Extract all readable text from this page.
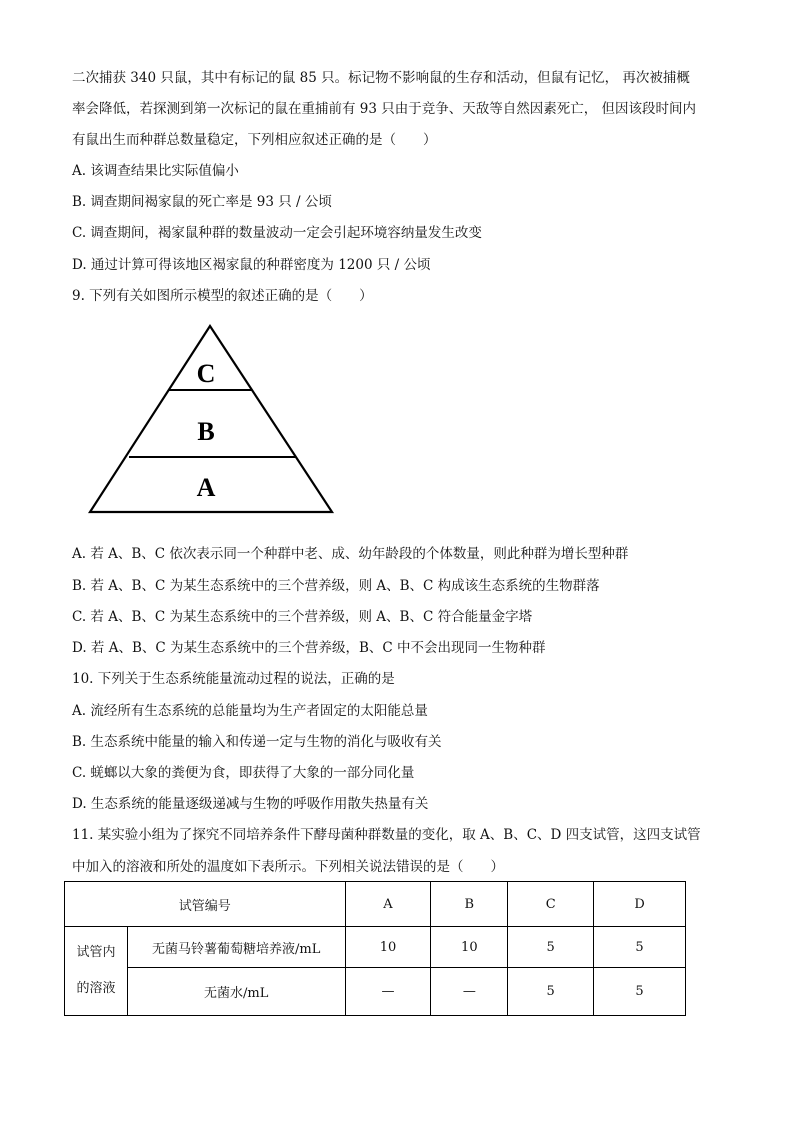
二次捕获 340 只鼠，其中有标记的鼠 85 只。标记物不影响鼠的生存和活动，但鼠有记忆， 再次被捕概
率会降低，若探测到第一次标记的鼠在重捕前有 93 只由于竞争、天敌等自然因素死亡， 但因该段时间内
有鼠出生而种群总数量稳定，下列相应叙述正确的是（　　）
A. 该调查结果比实际值偏小
B. 调查期间褐家鼠的死亡率是 93 只 / 公顷
C. 调查期间，褐家鼠种群的数量波动一定会引起环境容纳量发生改变
D. 通过计算可得该地区褐家鼠的种群密度为 1200 只 / 公顷
9. 下列有关如图所示模型的叙述正确的是（　　）
C
B
A
A. 若 A、B、C 依次表示同一个种群中老、成、幼年龄段的个体数量，则此种群为增长型种群
B. 若 A、B、C 为某生态系统中的三个营养级，则 A、B、C 构成该生态系统的生物群落
C. 若 A、B、C 为某生态系统中的三个营养级，则 A、B、C 符合能量金字塔
D. 若 A、B、C 为某生态系统中的三个营养级，B、C 中不会出现同一生物种群
10. 下列关于生态系统能量流动过程的说法，正确的是
A. 流经所有生态系统的总能量均为生产者固定的太阳能总量
B. 生态系统中能量的输入和传递一定与生物的消化与吸收有关
C. 蜣螂以大象的粪便为食，即获得了大象的一部分同化量
D. 生态系统的能量逐级递减与生物的呼吸作用散失热量有关
11. 某实验小组为了探究不同培养条件下酵母菌种群数量的变化，取 A、B、C、D 四支试管，这四支试管
中加入的溶液和所处的温度如下表所示。下列相关说法错误的是（　　）
试管编号		A	B	C	D

试管内
的溶液	无菌马铃薯葡萄糖培养液/mL	10	10	5	5
	无菌水/mL	—	—	5	5
